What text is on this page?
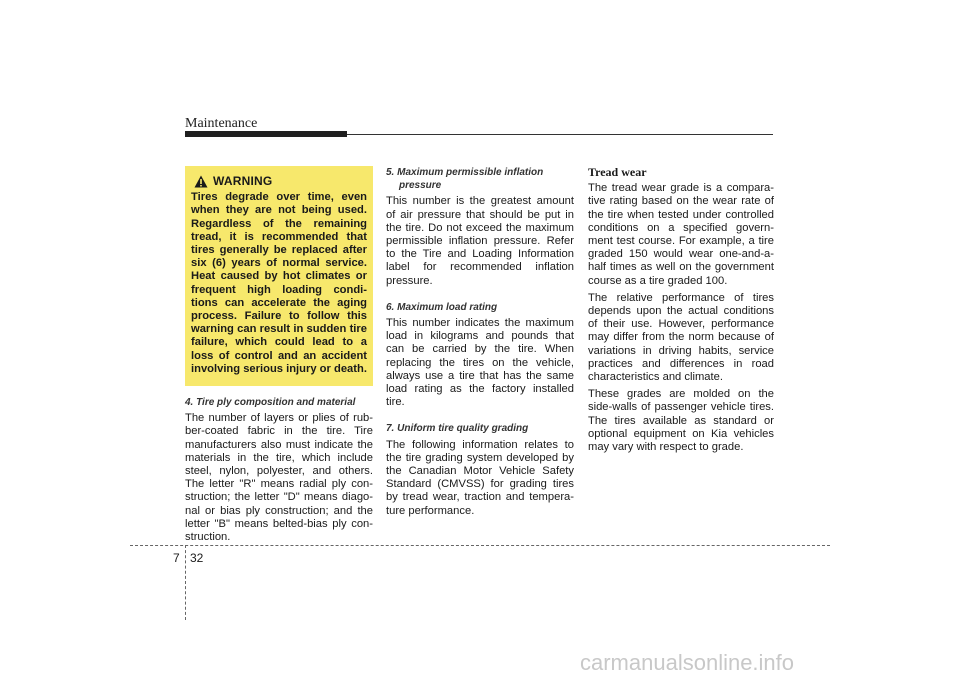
Maintenance
WARNING
Tires degrade over time, even when they are not being used. Regardless of the remaining tread, it is recommended that tires generally be replaced after six (6) years of normal service. Heat caused by hot climates or frequent high loading condi-tions can accelerate the aging process. Failure to follow this warning can result in sudden tire failure, which could lead to a loss of control and an accident involving serious injury or death.

4. Tire ply composition and material

The number of layers or plies of rub-ber-coated fabric in the tire. Tire manufacturers also must indicate the materials in the tire, which include steel, nylon, polyester, and others. The letter "R" means radial ply con-struction; the letter "D" means diago-nal or bias ply construction; and the letter "B" means belted-bias ply con-struction.

5. Maximum permissible inflation

pressure

This number is the greatest amount of air pressure that should be put in the tire. Do not exceed the maximum permissible inflation pressure. Refer to the Tire and Loading Information label for recommended inflation pressure.

6. Maximum load rating

This number indicates the maximum load in kilograms and pounds that can be carried by the tire. When replacing the tires on the vehicle, always use a tire that has the same load rating as the factory installed tire.

7. Uniform tire quality grading

The following information relates to the tire grading system developed by the Canadian Motor Vehicle Safety Standard (CMVSS) for grading tires by tread wear, traction and tempera-ture performance.

Tread wear

The tread wear grade is a compara-tive rating based on the wear rate of the tire when tested under controlled conditions on a specified govern-ment test course. For example, a tire graded 150 would wear one-and-a-half times as well on the government course as a tire graded 100.

The relative performance of tires depends upon the actual conditions of their use. However, performance may differ from the norm because of variations in driving habits, service practices and differences in road characteristics and climate.

These grades are molded on the side-walls of passenger vehicle tires. The tires available as standard or optional equipment on Kia vehicles may vary with respect to grade.

7 32
carmanualsonline.info
